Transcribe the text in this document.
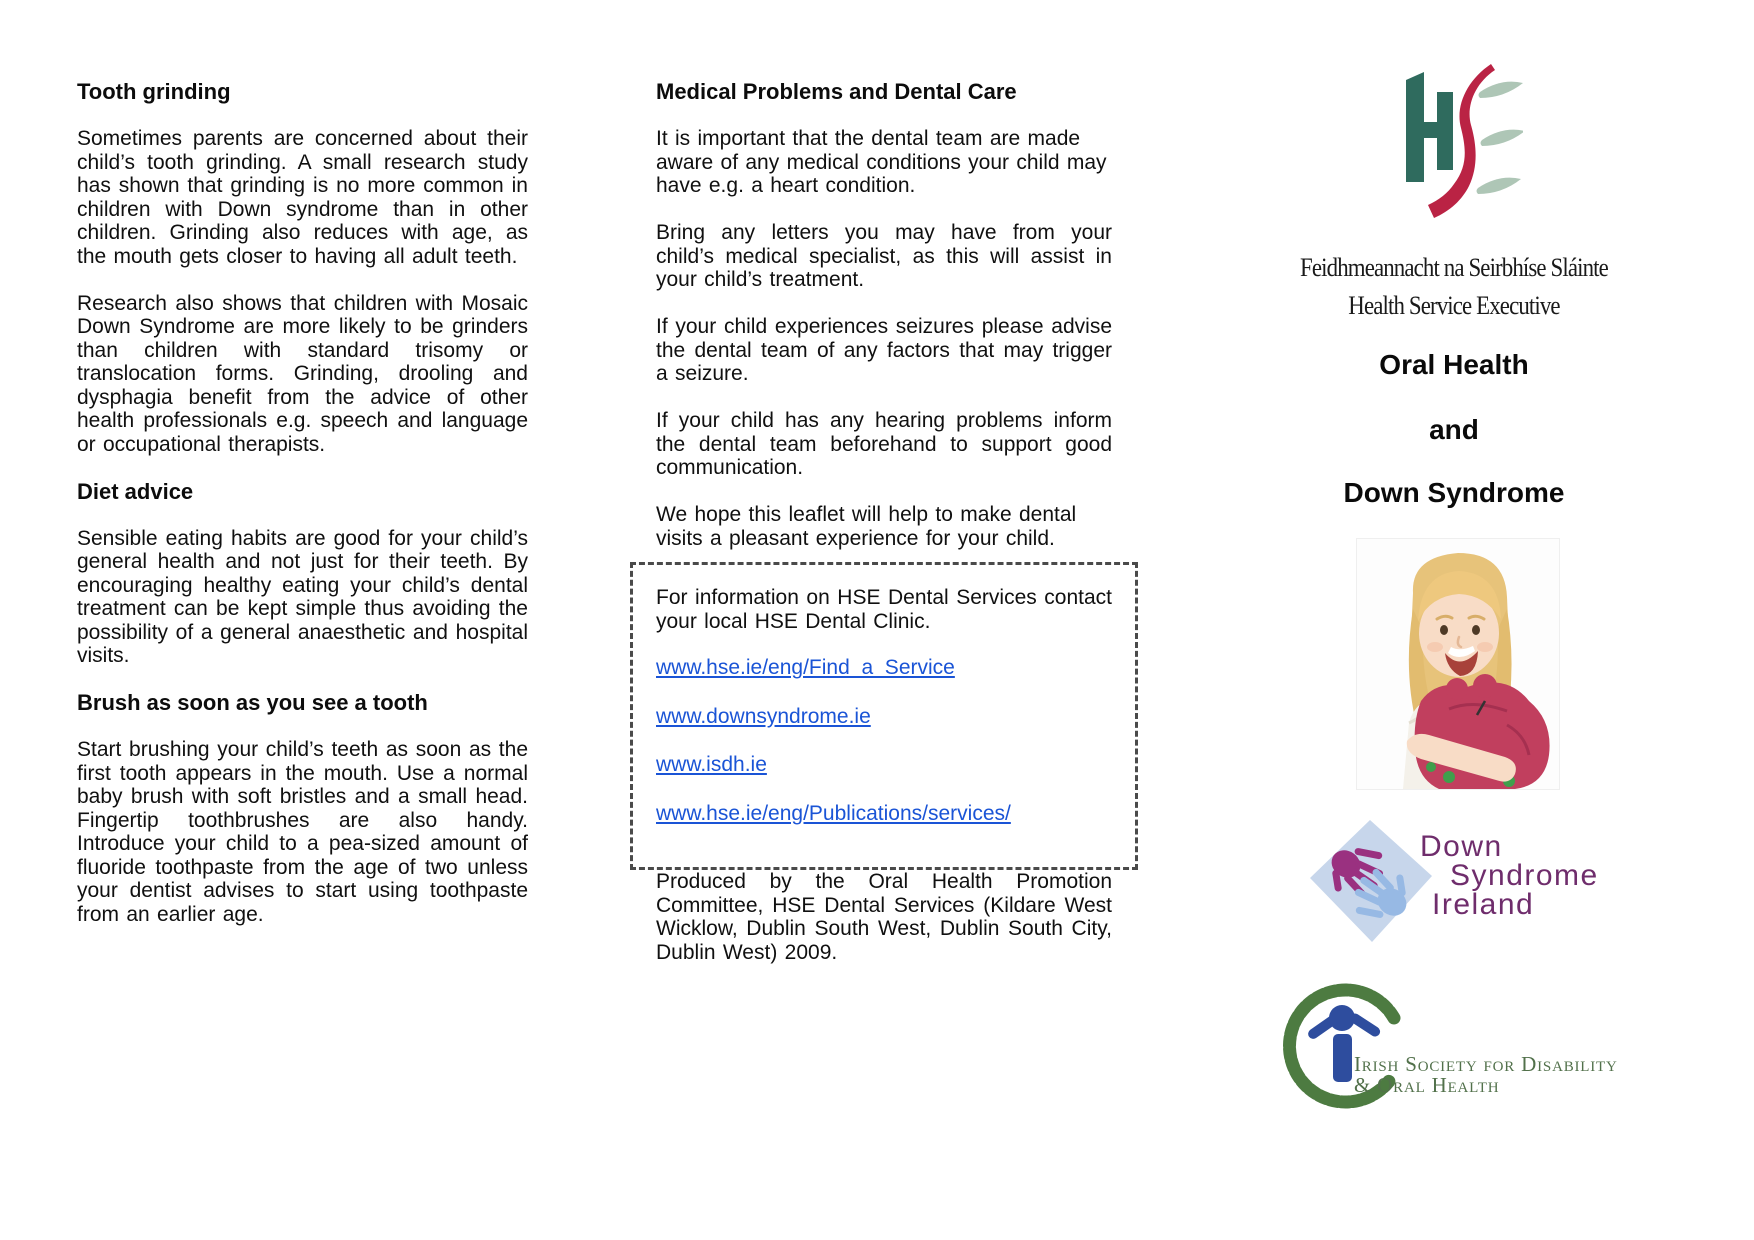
Tooth grinding

Sometimes parents are concerned about their child’s tooth grinding. A small research study has shown that grinding is no more common in children with Down syndrome than in other children. Grinding also reduces with age, as the mouth gets closer to having all adult teeth.

Research also shows that children with Mosaic Down Syndrome are more likely to be grinders than children with standard trisomy or translocation forms. Grinding, drooling and dysphagia benefit from the advice of other health professionals e.g. speech and language or occupational therapists.

Diet advice

Sensible eating habits are good for your child’s general health and not just for their teeth. By encouraging healthy eating your child’s dental treatment can be kept simple thus avoiding the possibility of a general anaesthetic and hospital visits.

Brush as soon as you see a tooth

Start brushing your child’s teeth as soon as the first tooth appears in the mouth. Use a normal baby brush with soft bristles and a small head. Fingertip toothbrushes are also handy. Introduce your child to a pea-sized amount of fluoride toothpaste from the age of two unless your dentist advises to start using toothpaste from an earlier age.

Medical Problems and Dental Care

It is important that the dental team are made aware of any medical conditions your child may have e.g. a heart condition.

Bring any letters you may have from your child’s medical specialist, as this will assist in your child’s treatment.

If your child experiences seizures please advise the dental team of any factors that may trigger a seizure.

If your child has any hearing problems inform the dental team beforehand to support good communication.

We hope this leaflet will help to make dental visits a pleasant experience for your child.

For information on HSE Dental Services contact your local HSE Dental Clinic.

www.hse.ie/eng/Find_a_Service
www.downsyndrome.ie
www.isdh.ie
www.hse.ie/eng/Publications/services/

Produced by the Oral Health Promotion Committee, HSE Dental Services (Kildare West Wicklow, Dublin South West, Dublin South City, Dublin West) 2009.

Feidhmeannacht na Seirbhíse Sláinte
Health Service Executive
Oral Health
and
Down Syndrome
Down
Syndrome
Ireland
Irish Society for Disability
& Oral Health
